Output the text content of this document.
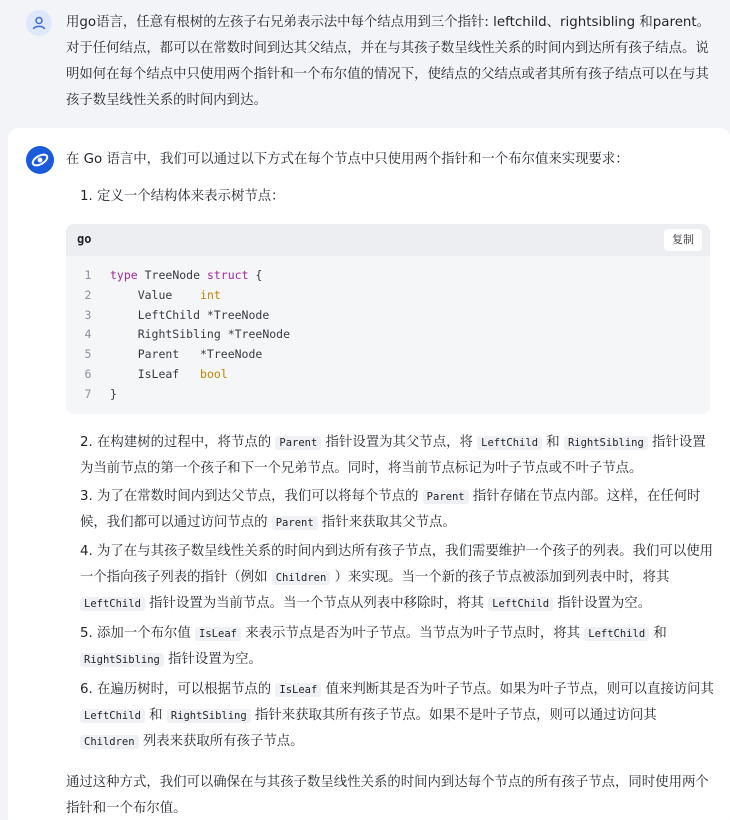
用go语言，任意有根树的左孩子右兄弟表示法中每个结点用到三个指针: leftchild、rightsibling 和parent。对于任何结点，都可以在常数时间到达其父结点，并在与其孩子数呈线性关系的时间内到达所有孩子结点。说明如何在每个结点中只使用两个指针和一个布尔值的情况下，使结点的父结点或者其所有孩子结点可以在与其孩子数呈线性关系的时间内到达。
在 Go 语言中，我们可以通过以下方式在每个节点中只使用两个指针和一个布尔值来实现要求：
1. 定义一个结构体来表示树节点：
go	复制
1	type TreeNode struct {
2	Value    int
3	LeftChild *TreeNode
4	RightSibling *TreeNode
5	Parent   *TreeNode
6	IsLeaf   bool
7	}
2. 在构建树的过程中，将节点的 Parent 指针设置为其父节点，将 LeftChild 和 RightSibling 指针设置为当前节点的第一个孩子和下一个兄弟节点。同时，将当前节点标记为叶子节点或不叶子节点。
3. 为了在常数时间内到达父节点，我们可以将每个节点的 Parent 指针存储在节点内部。这样，在任何时候，我们都可以通过访问节点的 Parent 指针来获取其父节点。
4. 为了在与其孩子数呈线性关系的时间内到达所有孩子节点，我们需要维护一个孩子的列表。我们可以使用一个指向孩子列表的指针（例如 Children ）来实现。当一个新的孩子节点被添加到列表中时，将其 LeftChild 指针设置为当前节点。当一个节点从列表中移除时，将其 LeftChild 指针设置为空。
5. 添加一个布尔值 IsLeaf 来表示节点是否为叶子节点。当节点为叶子节点时，将其 LeftChild 和 RightSibling 指针设置为空。
6. 在遍历树时，可以根据节点的 IsLeaf 值来判断其是否为叶子节点。如果为叶子节点，则可以直接访问其 LeftChild 和 RightSibling 指针来获取其所有孩子节点。如果不是叶子节点，则可以通过访问其 Children 列表来获取所有孩子节点。
通过这种方式，我们可以确保在与其孩子数呈线性关系的时间内到达每个节点的所有孩子节点，同时使用两个指针和一个布尔值。
